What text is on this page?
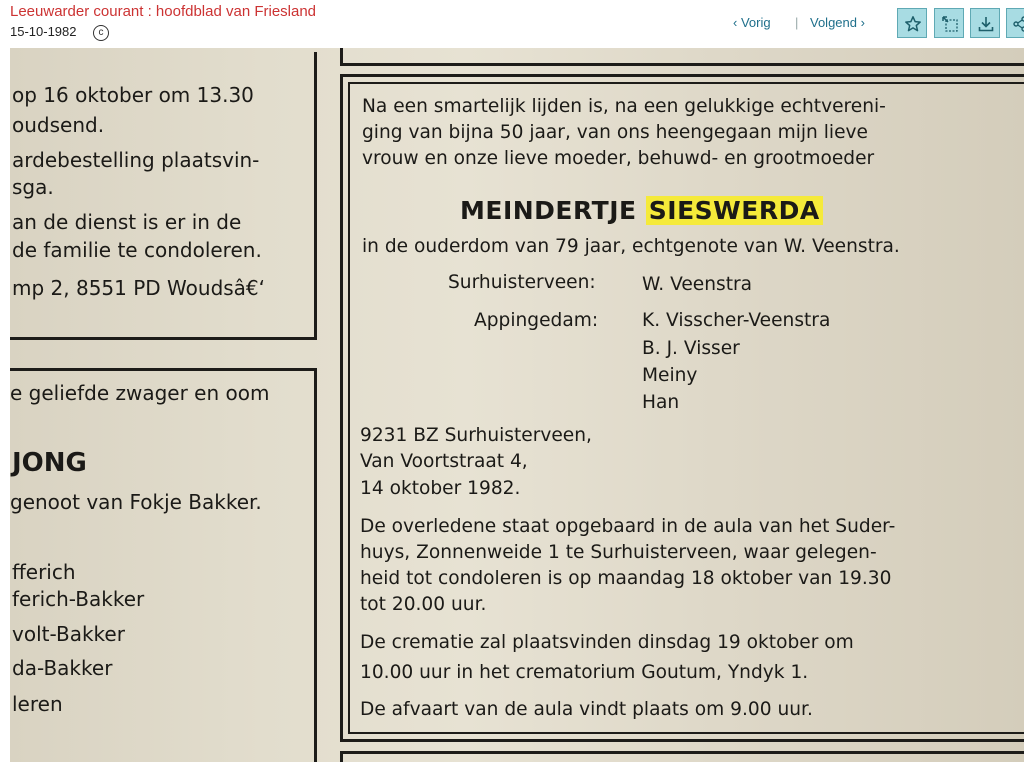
Leeuwarder courant : hoofdblad van Friesland
15-10-1982	c
‹ Vorig | Volgend ›
op 16 oktober om 13.30
oudsend.
ardebestelling plaatsvin-
sga.
an de dienst is er in de
de familie te condoleren.
mp 2, 8551 PD Woudsâ€‘
e geliefde zwager en oom
JONG
genoot van Fokje Bakker.
fferich
ferich-Bakker
volt-Bakker
da-Bakker
leren
Na een smartelijk lijden is, na een gelukkige echtvereni-
ging van bijna 50 jaar, van ons heengegaan mijn lieve
vrouw en onze lieve moeder, behuwd- en grootmoeder
MEINDERTJE SIESWERDA
in de ouderdom van 79 jaar, echtgenote van W. Veenstra.
Surhuisterveen: W. Veenstra
Appingedam: K. Visscher-Veenstra
B. J. Visser
Meiny
Han
9231 BZ Surhuisterveen,
Van Voortstraat 4,
14 oktober 1982.
De overledene staat opgebaard in de aula van het Suder-
huys, Zonnenweide 1 te Surhuisterveen, waar gelegen-
heid tot condoleren is op maandag 18 oktober van 19.30
tot 20.00 uur.
De crematie zal plaatsvinden dinsdag 19 oktober om
10.00 uur in het crematorium Goutum, Yndyk 1.
De afvaart van de aula vindt plaats om 9.00 uur.
